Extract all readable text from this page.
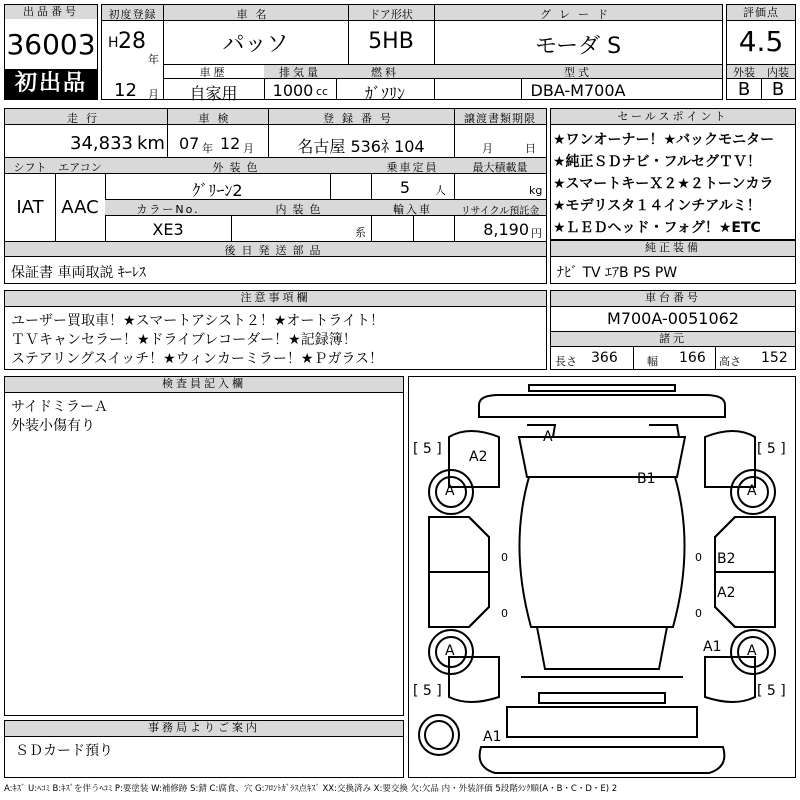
出品番号
36003
初出品
初度登録
H 28
年
12 月
車名
パッソ
ドア形状
5HB
グレード
モーダ S
車歴
自家用
排気量
1000 cc
燃料
ｶﾞｿﾘﾝ
型式
DBA-M700A
評価点
4.5
外装	内装
B	B
走行
34,833 km
車検
07 年 12 月
登録番号
名古屋 536ﾈ 104
譲渡書類期限
月	日
シフト
IAT
エアコン
AAC
外装色
ｸﾞﾘｰﾝ2
乗車定員
5	人
最大積載量
kg
カラーNo.
XE3
内装色
系
輸入車	リサイクル預託金
8,190 円
後日発送部品
保証書 車両取説 ｷｰﾚｽ
セールスポイント
★ワンオーナー！★バックモニター
★純正ＳＤナビ・フルセグＴＶ！
★スマートキーＸ２★２トーンカラ
★モデリスタ１４インチアルミ！
★ＬＥＤヘッド・フォグ！★ETC
純正装備
ﾅﾋﾞ TV ｴｱB PS PW
注意事項欄
ユーザー買取車！★スマートアシスト２！★オートライト！
ＴＶキャンセラー！★ドライブレコーダー！★記録簿！
ステアリングスイッチ！★ウィンカーミラー！★Ｐガラス！
車台番号
M700A-0051062
諸元
長さ 366	幅 166 高さ 152
検査員記入欄
サイドミラーＡ
外装小傷有り
事務局よりご案内
ＳＤカード預り
[ 5 ]	[ 5 ]
[ 5 ]	[ 5 ]
A	A
A	A
A2
A
B1
B2
A2
A1
A1
0
0
0
0
A:ｷｽﾞ U:ﾍｺﾐ B:ｷｽﾞを伴うﾍｺﾐ P:要塗装 W:補修跡 S:錆 C:腐食、穴 G:ﾌﾛﾝﾄｶﾞﾗｽ点ｷｽﾞ XX:交換済み X:要交換 欠:欠品 内・外装評価 5段階ﾗﾝｸ順(A・B・C・D・E) 2
